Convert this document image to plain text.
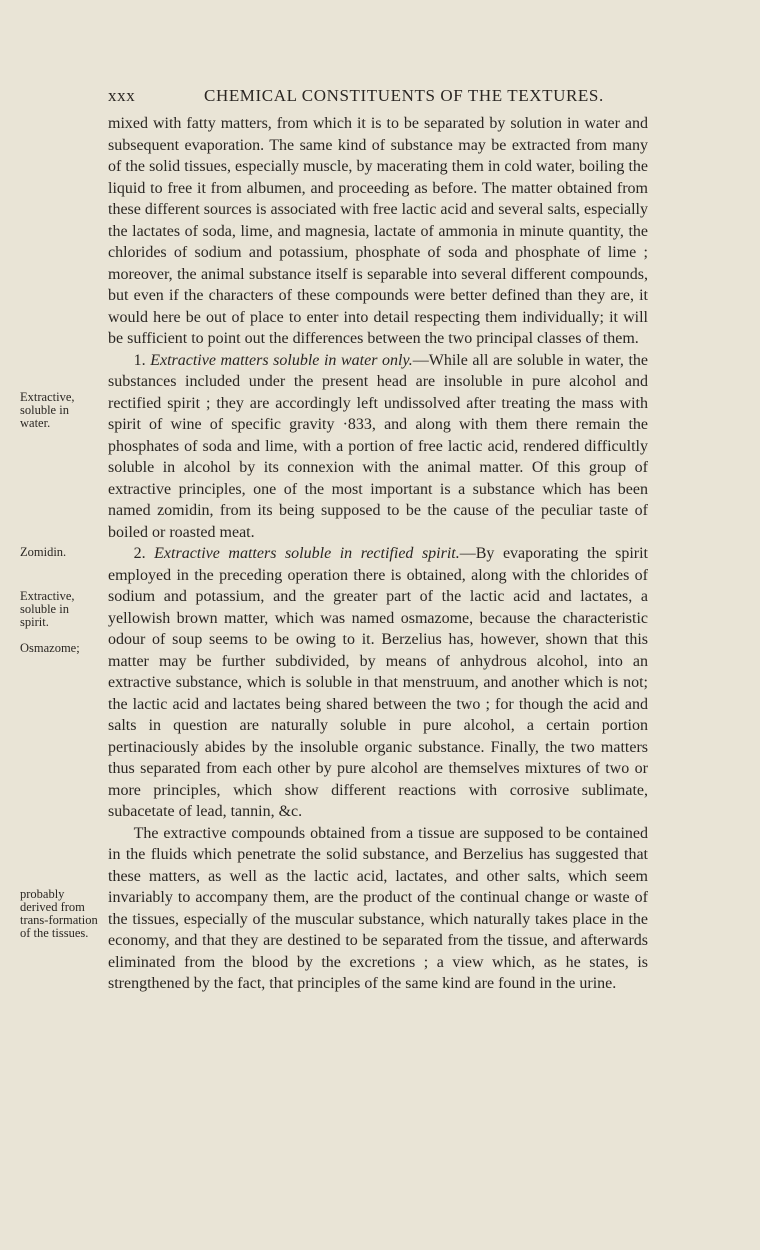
xxx	CHEMICAL CONSTITUENTS OF THE TEXTURES.
Extractive, soluble in water.
Zomidin.
Extractive, soluble in spirit.
Osmazome;
probably derived from trans-formation of the tissues.

mixed with fatty matters, from which it is to be separated by solution in water and subsequent evaporation. The same kind of substance may be extracted from many of the solid tissues, especially muscle, by macerating them in cold water, boiling the liquid to free it from albumen, and proceeding as before. The matter obtained from these different sources is associated with free lactic acid and several salts, especially the lactates of soda, lime, and magnesia, lactate of ammonia in minute quantity, the chlorides of sodium and potassium, phosphate of soda and phosphate of lime ; moreover, the animal substance itself is separable into several different compounds, but even if the characters of these compounds were better defined than they are, it would here be out of place to enter into detail respecting them individually; it will be sufficient to point out the differences between the two principal classes of them.

1. Extractive matters soluble in water only.—While all are soluble in water, the substances included under the present head are insoluble in pure alcohol and rectified spirit ; they are accordingly left undissolved after treating the mass with spirit of wine of specific gravity ·833, and along with them there remain the phosphates of soda and lime, with a portion of free lactic acid, rendered difficultly soluble in alcohol by its connexion with the animal matter. Of this group of extractive principles, one of the most important is a substance which has been named zomidin, from its being supposed to be the cause of the peculiar taste of boiled or roasted meat.

2. Extractive matters soluble in rectified spirit.—By evaporating the spirit employed in the preceding operation there is obtained, along with the chlorides of sodium and potassium, and the greater part of the lactic acid and lactates, a yellowish brown matter, which was named osmazome, because the characteristic odour of soup seems to be owing to it. Berzelius has, however, shown that this matter may be further subdivided, by means of anhydrous alcohol, into an extractive substance, which is soluble in that menstruum, and another which is not; the lactic acid and lactates being shared between the two ; for though the acid and salts in question are naturally soluble in pure alcohol, a certain portion pertinaciously abides by the insoluble organic substance. Finally, the two matters thus separated from each other by pure alcohol are themselves mixtures of two or more principles, which show different reactions with corrosive sublimate, subacetate of lead, tannin, &c.

The extractive compounds obtained from a tissue are supposed to be contained in the fluids which penetrate the solid substance, and Berzelius has suggested that these matters, as well as the lactic acid, lactates, and other salts, which seem invariably to accompany them, are the product of the continual change or waste of the tissues, especially of the muscular substance, which naturally takes place in the economy, and that they are destined to be separated from the tissue, and afterwards eliminated from the blood by the excretions ; a view which, as he states, is strengthened by the fact, that principles of the same kind are found in the urine.
